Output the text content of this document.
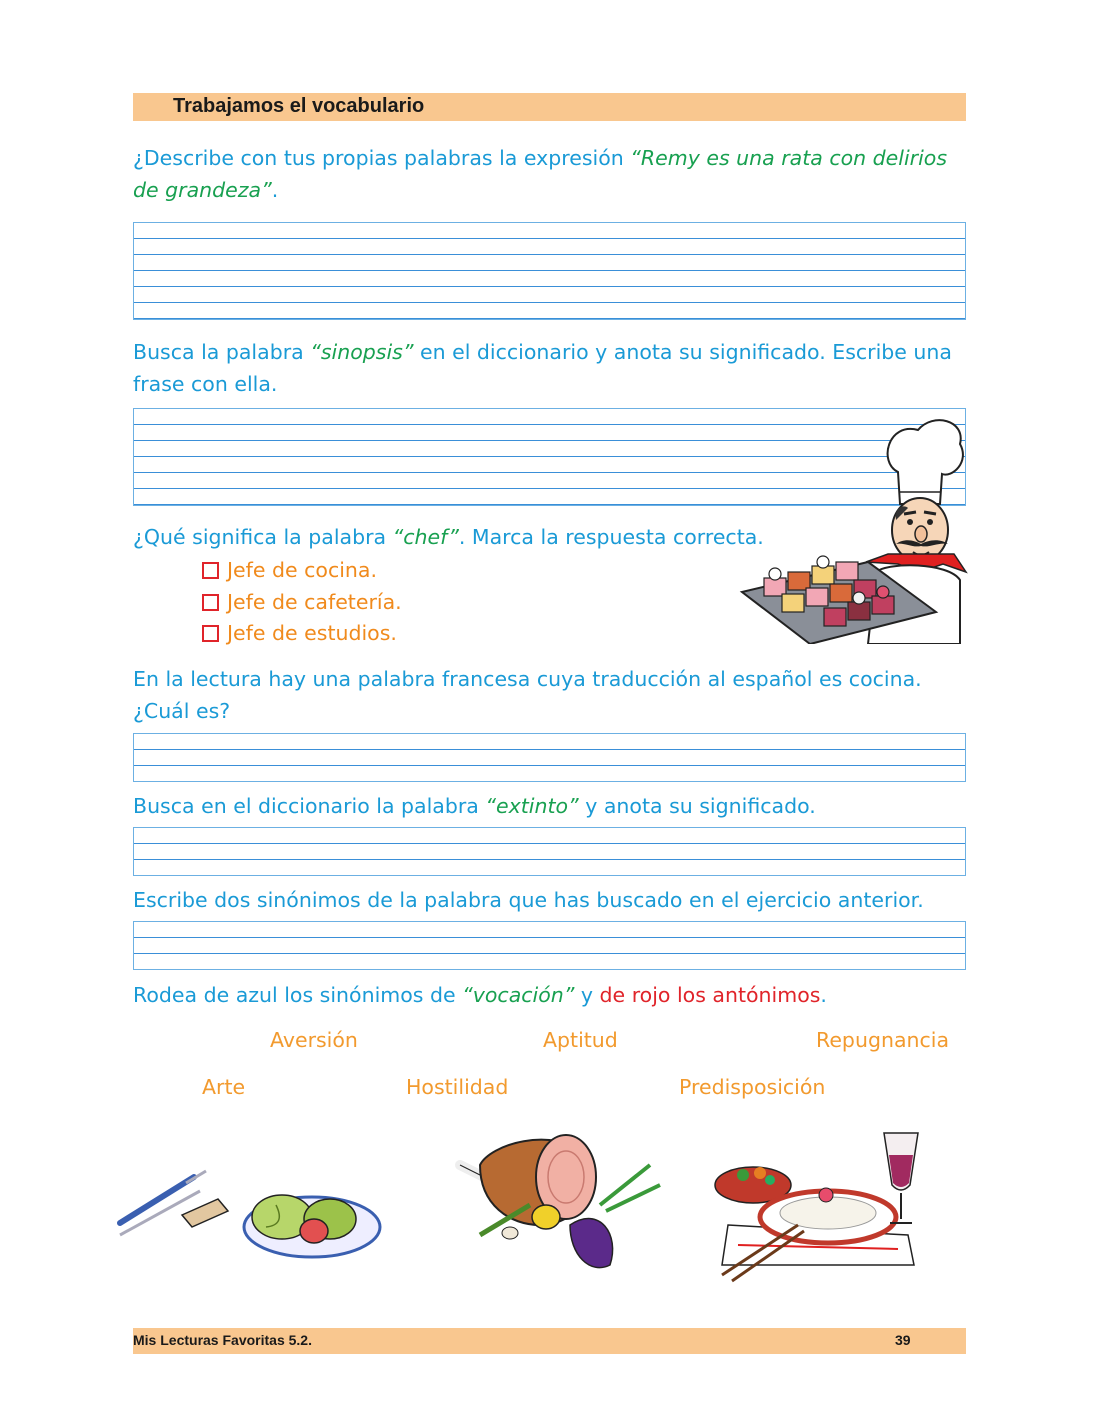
Trabajamos el vocabulario
¿Describe con tus propias palabras la expresión “Remy es una rata con delirios de grandeza”.
Busca la palabra “sinopsis” en el diccionario y anota su significado. Escribe una frase con ella.
¿Qué significa la palabra “chef”. Marca la respuesta correcta.
Jefe de cocina.
Jefe de cafetería.
Jefe de estudios.
En la lectura hay una palabra francesa cuya traducción al español es cocina. ¿Cuál es?
Busca en el diccionario la palabra “extinto” y anota su significado.
Escribe dos sinónimos de la palabra que has buscado en el ejercicio anterior.
Rodea de azul los sinónimos de “vocación” y de rojo los antónimos.
Aversión	Aptitud	Repugnancia
Arte	Hostilidad	Predisposición
Mis Lecturas Favoritas 5.2.	39
